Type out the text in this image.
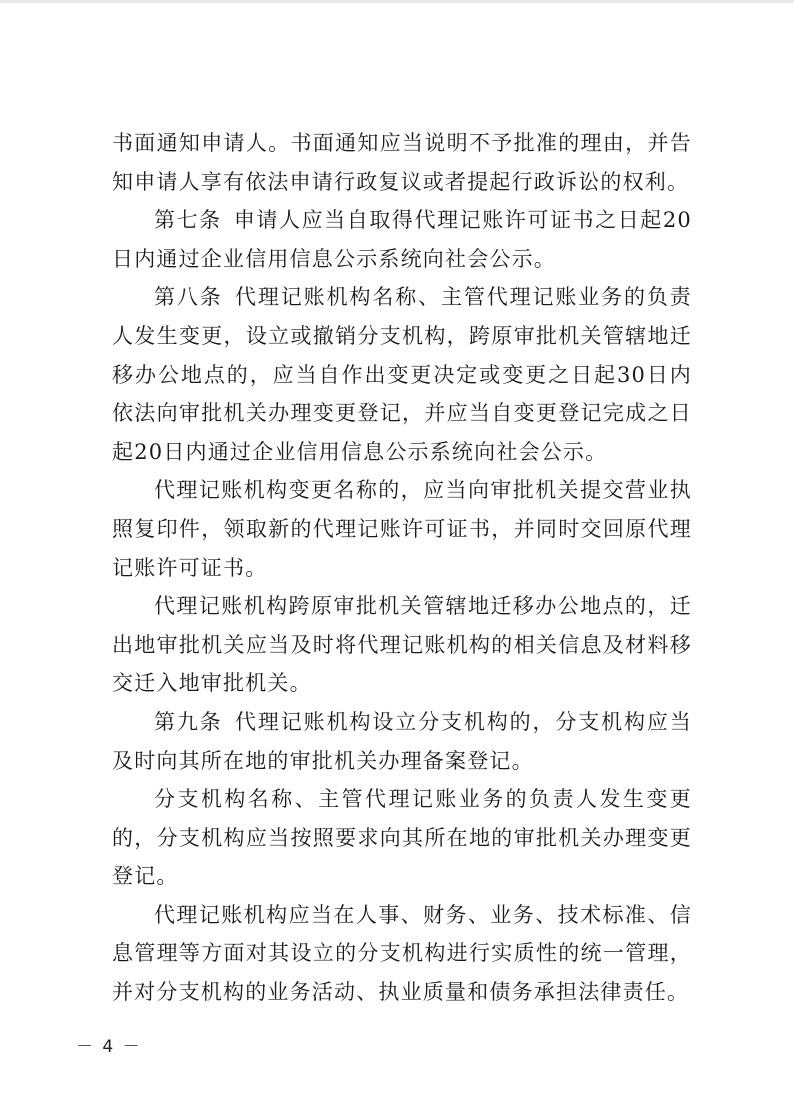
书面通知申请人。书面通知应当说明不予批准的理由，并告知申请人享有依法申请行政复议或者提起行政诉讼的权利。

第七条  申请人应当自取得代理记账许可证书之日起20日内通过企业信用信息公示系统向社会公示。

第八条  代理记账机构名称、主管代理记账业务的负责人发生变更，设立或撤销分支机构，跨原审批机关管辖地迁移办公地点的，应当自作出变更决定或变更之日起30日内依法向审批机关办理变更登记，并应当自变更登记完成之日起20日内通过企业信用信息公示系统向社会公示。

代理记账机构变更名称的，应当向审批机关提交营业执照复印件，领取新的代理记账许可证书，并同时交回原代理记账许可证书。

代理记账机构跨原审批机关管辖地迁移办公地点的，迁出地审批机关应当及时将代理记账机构的相关信息及材料移交迁入地审批机关。

第九条  代理记账机构设立分支机构的，分支机构应当及时向其所在地的审批机关办理备案登记。

分支机构名称、主管代理记账业务的负责人发生变更的，分支机构应当按照要求向其所在地的审批机关办理变更登记。

代理记账机构应当在人事、财务、业务、技术标准、信息管理等方面对其设立的分支机构进行实质性的统一管理，并对分支机构的业务活动、执业质量和债务承担法律责任。

－ 4 －
